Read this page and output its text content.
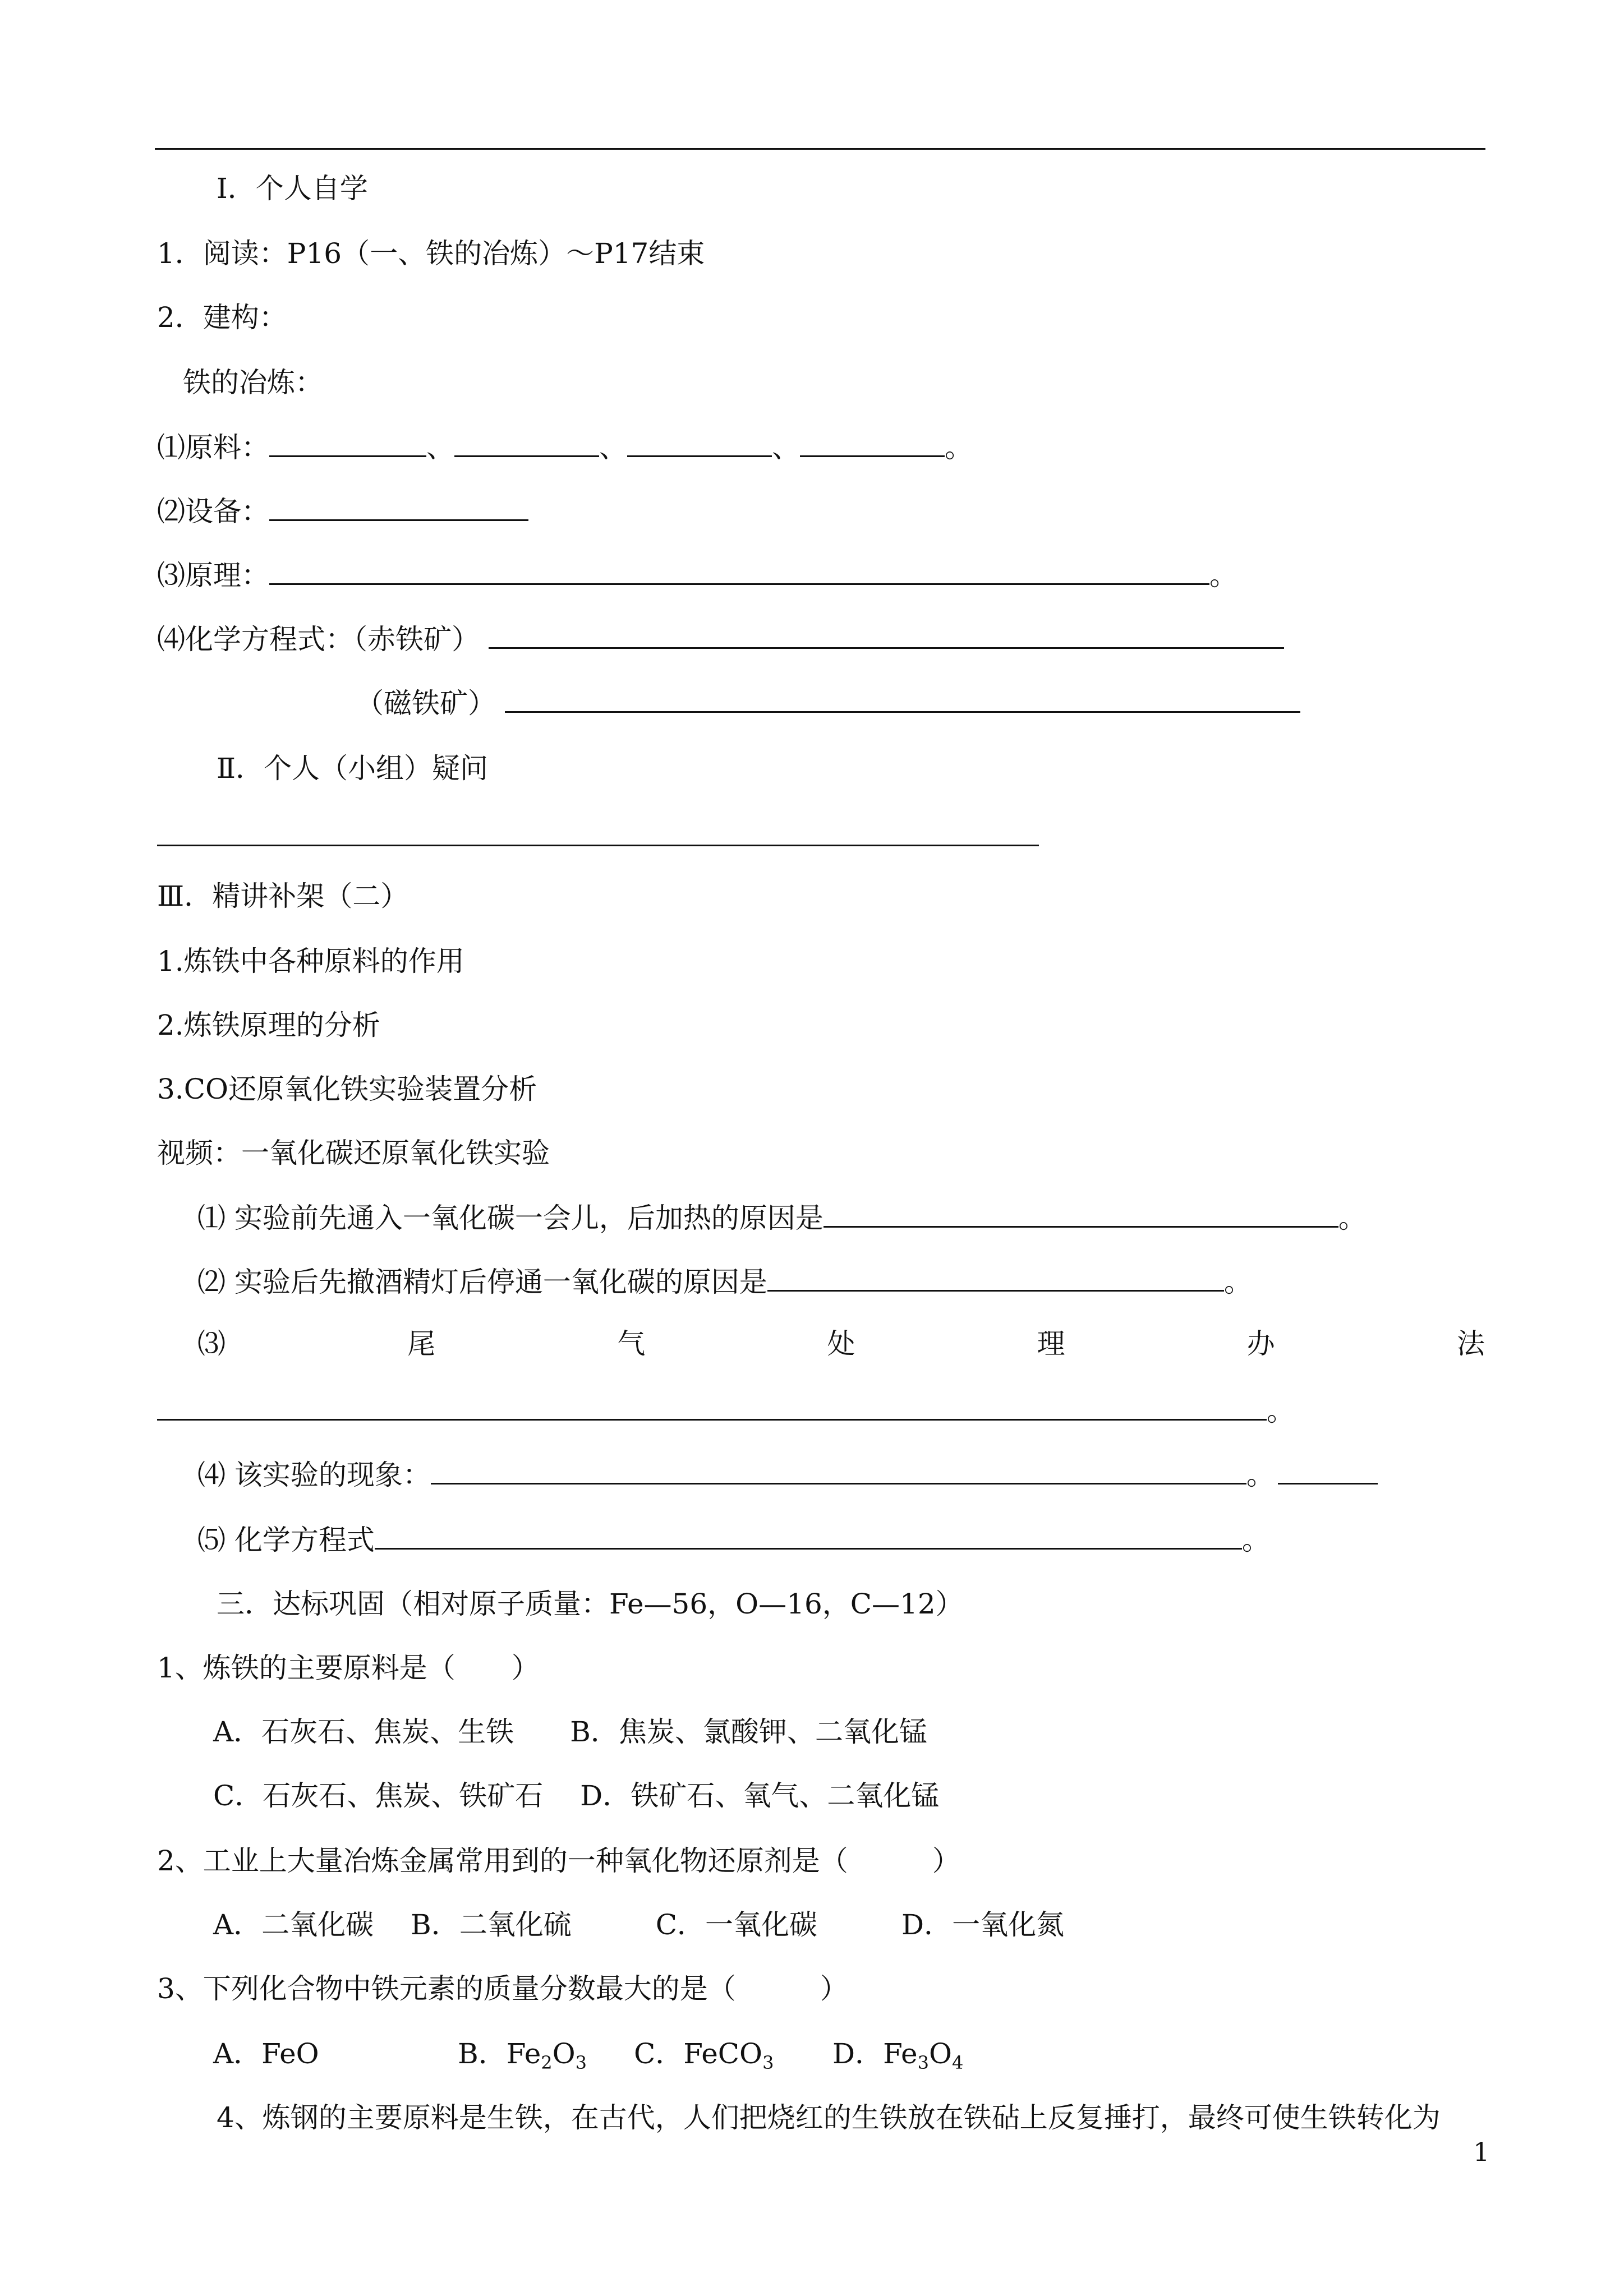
Ⅰ．个人自学
1．阅读：P16（一、铁的冶炼）～P17结束
2．建构：
铁的冶炼：
⑴原料：	、	、	、	。
⑵设备：
⑶原理：	。
⑷化学方程式：（赤铁矿）
（磁铁矿）
Ⅱ．个人（小组）疑问
Ⅲ．精讲补架（二）
1.炼铁中各种原料的作用
2.炼铁原理的分析
3.CO还原氧化铁实验装置分析
视频：一氧化碳还原氧化铁实验
⑴ 实验前先通入一氧化碳一会儿，后加热的原因是	。
⑵ 实验后先撤酒精灯后停通一氧化碳的原因是	。
⑶	尾	气	处	理	办	法
。
⑷ 该实验的现象：	。
⑸ 化学方程式	。
三．达标巩固（相对原子质量：Fe—56，O—16，C—12）
1、炼铁的主要原料是（　　）
A．石灰石、焦炭、生铁　　B．焦炭、氯酸钾、二氧化锰
C．石灰石、焦炭、铁矿石　 D．铁矿石、氧气、二氧化锰
2、工业上大量冶炼金属常用到的一种氧化物还原剂是（　　　）
A．二氧化碳　 B．二氧化硫　　　C．一氧化碳　　　D．一氧化氮
3、下列化合物中铁元素的质量分数最大的是（　　　）
A．FeO	B．$Fe_2O_3$ C．FeCO$_3$ D．$Fe_3O_4$
4、炼钢的主要原料是生铁，在古代，人们把烧红的生铁放在铁砧上反复捶打，最终可使生铁转化为
1
